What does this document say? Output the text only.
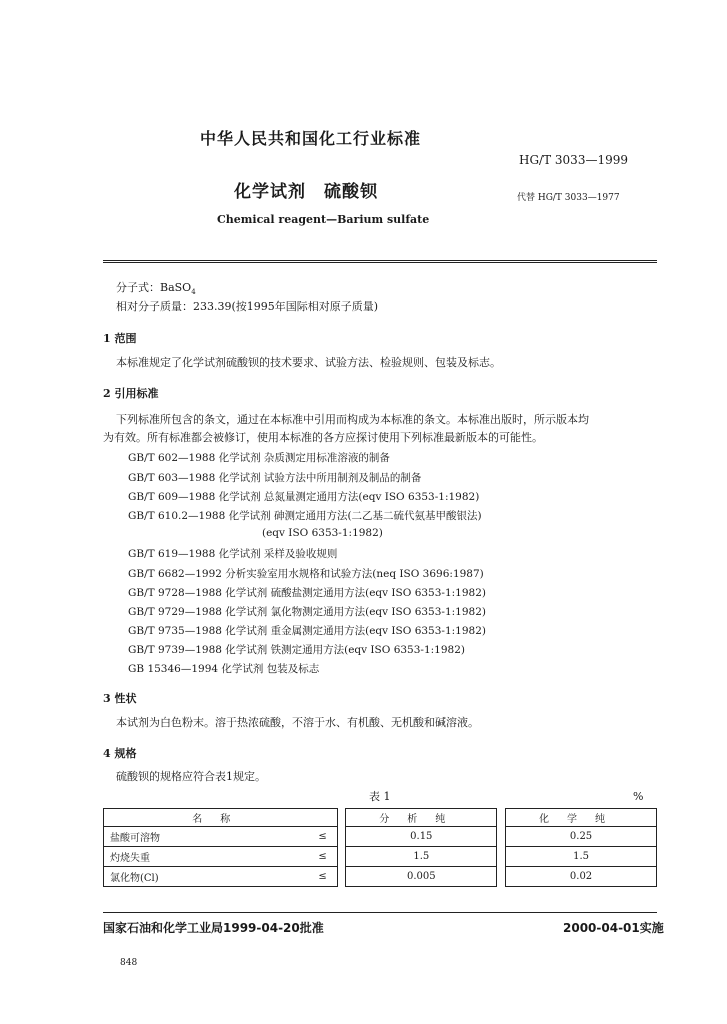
中华人民共和国化工行业标准
HG/T 3033—1999
化学试剂 硫酸钡	代替 HG/T 3033—1977
Chemical reagent—Barium sulfate
分子式：BaSO$_4$
相对分子质量：233.39(按1995年国际相对原子质量)
1 范围
本标准规定了化学试剂硫酸钡的技术要求、试验方法、检验规则、包装及标志。
2 引用标准
下列标准所包含的条文，通过在本标准中引用而构成为本标准的条文。本标准出版时，所示版本均
为有效。所有标准都会被修订，使用本标准的各方应探讨使用下列标准最新版本的可能性。
GB/T 602—1988 化学试剂 杂质测定用标准溶液的制备
GB/T 603—1988 化学试剂 试验方法中所用制剂及制品的制备
GB/T 609—1988 化学试剂 总氮量测定通用方法(eqv ISO 6353-1:1982)
GB/T 610.2—1988 化学试剂 砷测定通用方法(二乙基二硫代氨基甲酸银法)
(eqv ISO 6353-1:1982)
GB/T 619—1988 化学试剂 采样及验收规则
GB/T 6682—1992 分析实验室用水规格和试验方法(neq ISO 3696:1987)
GB/T 9728—1988 化学试剂 硫酸盐测定通用方法(eqv ISO 6353-1:1982)
GB/T 9729—1988 化学试剂 氯化物测定通用方法(eqv ISO 6353-1:1982)
GB/T 9735—1988 化学试剂 重金属测定通用方法(eqv ISO 6353-1:1982)
GB/T 9739—1988 化学试剂 铁测定通用方法(eqv ISO 6353-1:1982)
GB 15346—1994 化学试剂 包装及标志
3 性状
本试剂为白色粉末。溶于热浓硫酸，不溶于水、有机酸、无机酸和碱溶液。
4 规格
硫酸钡的规格应符合表1规定。
表 1	%
名称			分析纯		化学纯
盐酸可溶物	≤		0.15		0.25
灼烧失重	≤		1.5		1.5
氯化物(Cl)	≤		0.005		0.02
国家石油和化学工业局1999-04-20批准	2000-04-01实施
848
